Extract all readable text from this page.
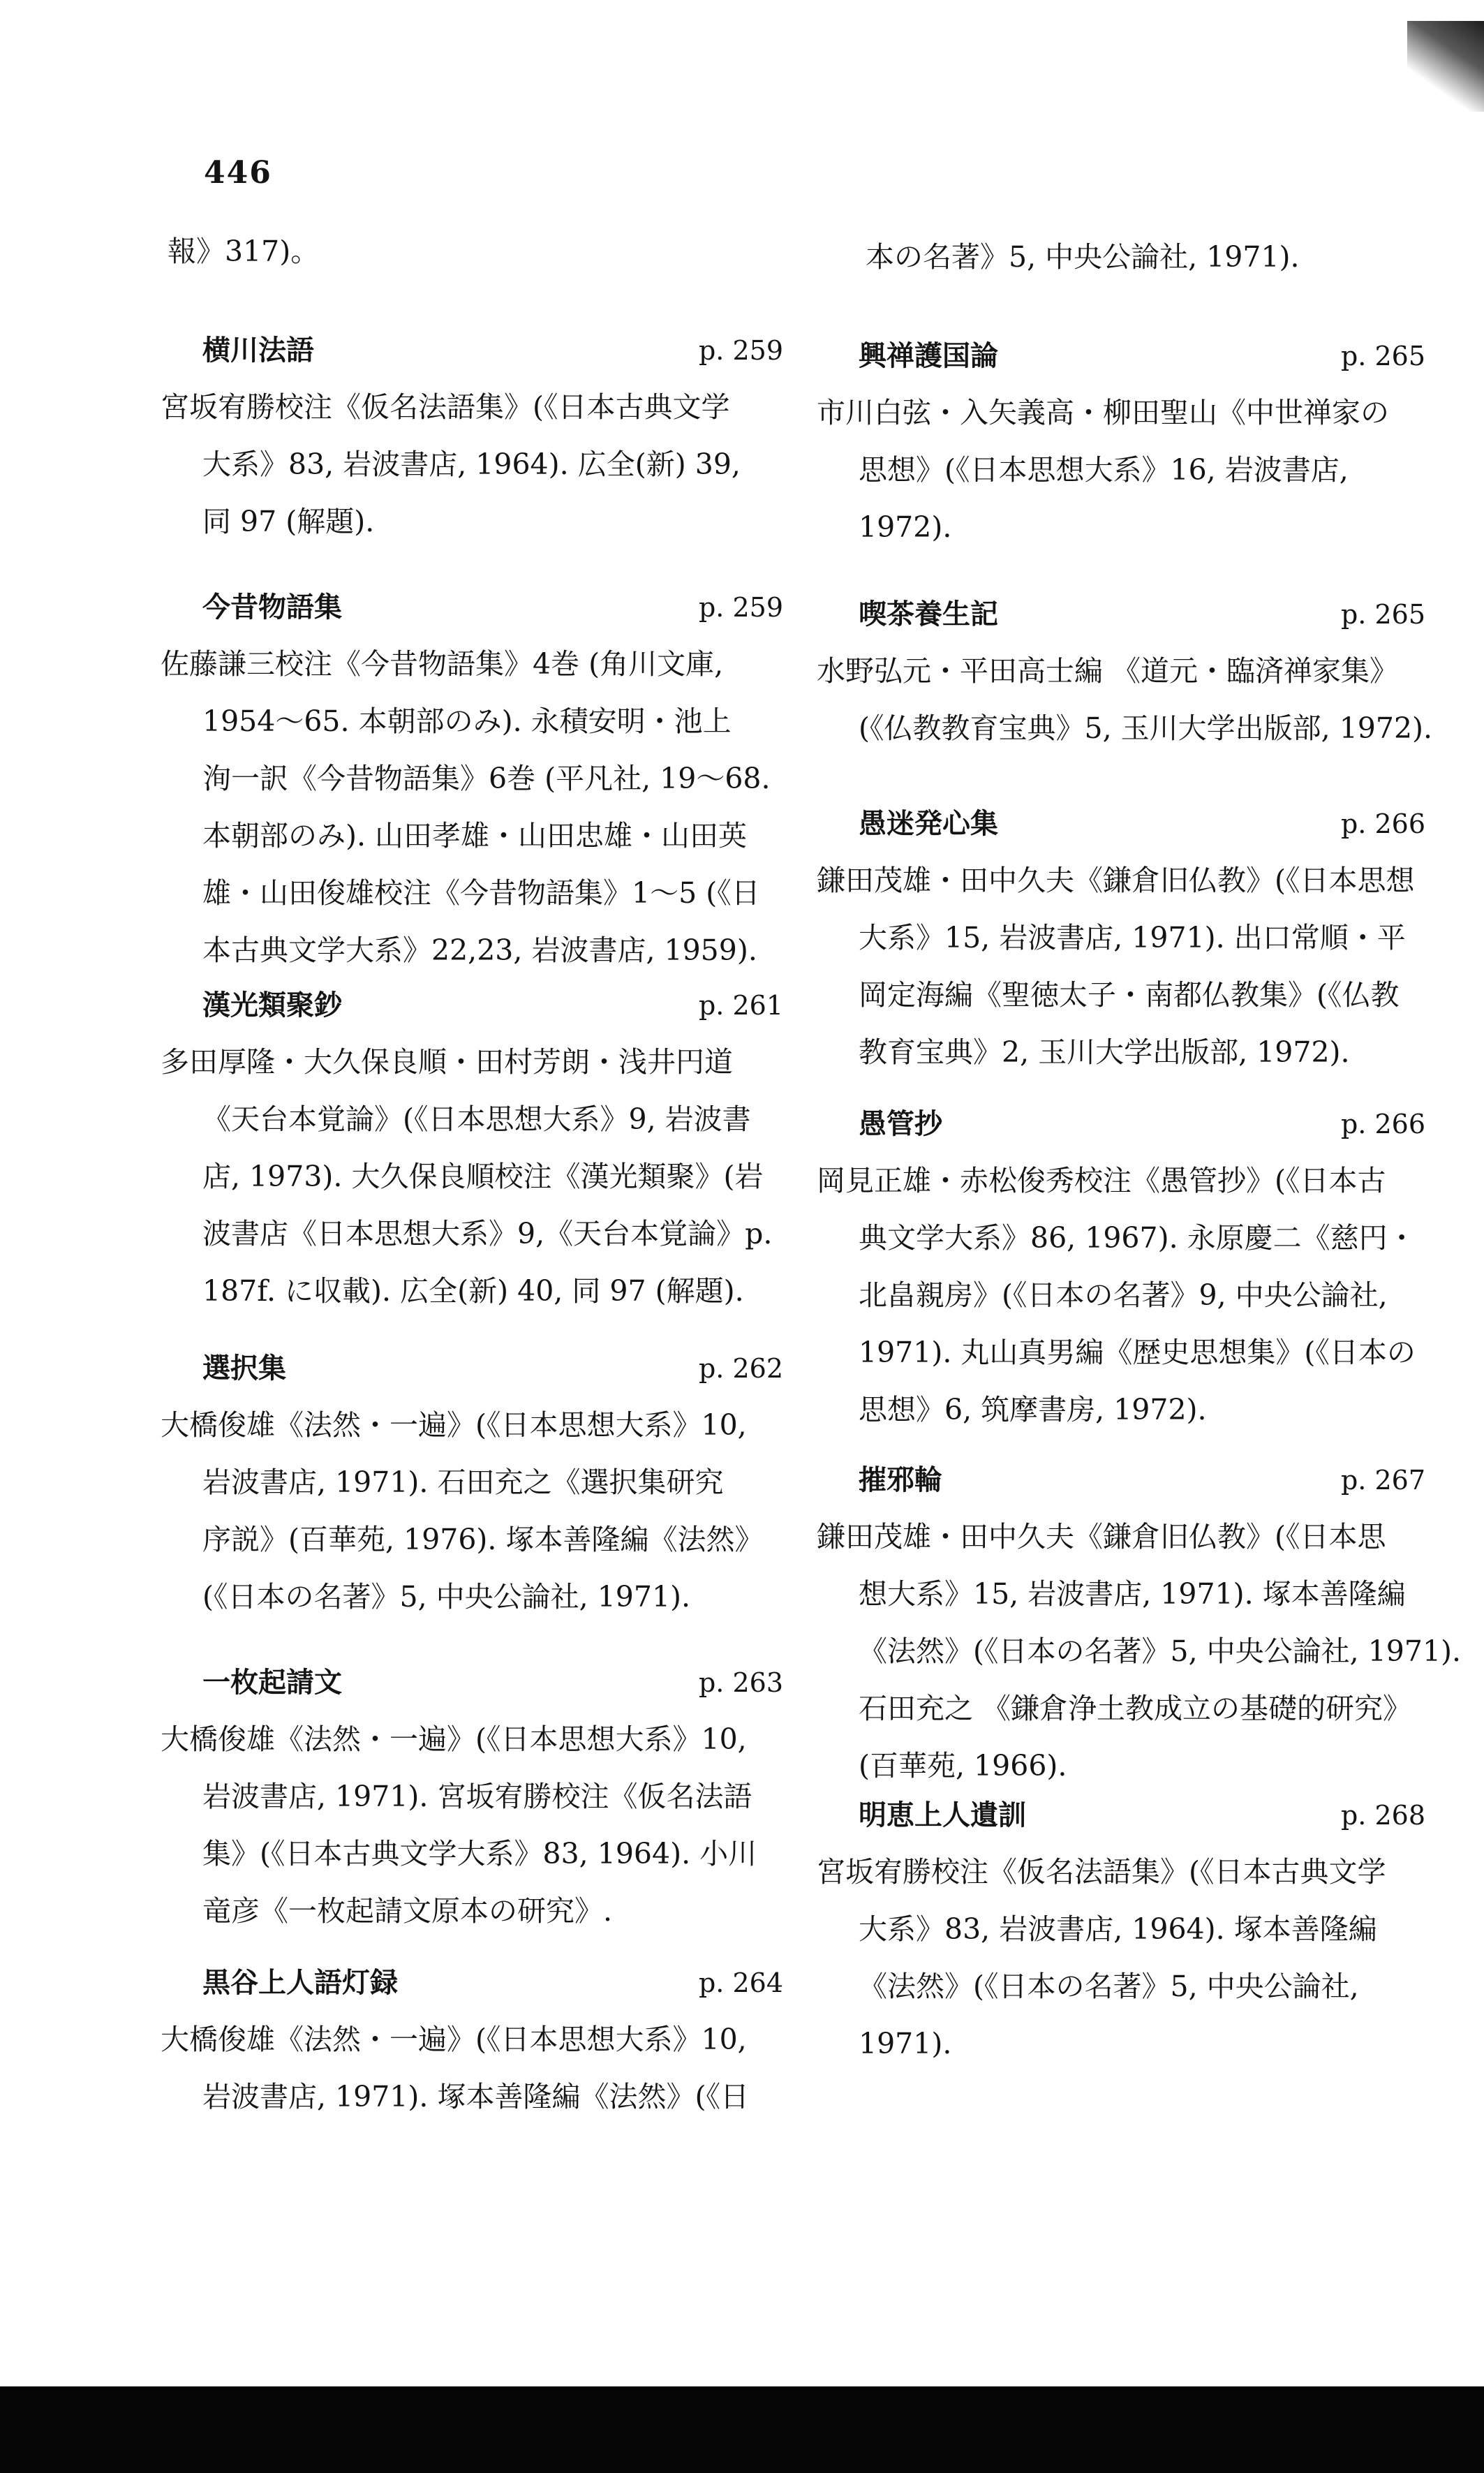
446
報》317)。
横川法語	p. 259
宮坂宥勝校注《仮名法語集》(《日本古典文学
大系》83, 岩波書店, 1964). 広全(新) 39,
同 97 (解題).
今昔物語集	p. 259
佐藤謙三校注《今昔物語集》4巻 (角川文庫,
1954〜65. 本朝部のみ). 永積安明・池上
洵一訳《今昔物語集》6巻 (平凡社, 19〜68.
本朝部のみ). 山田孝雄・山田忠雄・山田英
雄・山田俊雄校注《今昔物語集》1〜5 (《日
本古典文学大系》22,23, 岩波書店, 1959).
漢光類聚鈔	p. 261
多田厚隆・大久保良順・田村芳朗・浅井円道
《天台本覚論》(《日本思想大系》9, 岩波書
店, 1973). 大久保良順校注《漢光類聚》(岩
波書店《日本思想大系》9,《天台本覚論》p.
187f. に収載). 広全(新) 40, 同 97 (解題).
選択集	p. 262
大橋俊雄《法然・一遍》(《日本思想大系》10,
岩波書店, 1971). 石田充之《選択集研究
序説》(百華苑, 1976). 塚本善隆編《法然》
(《日本の名著》5, 中央公論社, 1971).
一枚起請文	p. 263
大橋俊雄《法然・一遍》(《日本思想大系》10,
岩波書店, 1971). 宮坂宥勝校注《仮名法語
集》(《日本古典文学大系》83, 1964). 小川
竜彦《一枚起請文原本の研究》.
黒谷上人語灯録	p. 264
大橋俊雄《法然・一遍》(《日本思想大系》10,
岩波書店, 1971). 塚本善隆編《法然》(《日
本の名著》5, 中央公論社, 1971).
興禅護国論	p. 265
市川白弦・入矢義高・柳田聖山《中世禅家の
思想》(《日本思想大系》16, 岩波書店,
1972).
喫茶養生記	p. 265
水野弘元・平田高士編 《道元・臨済禅家集》
(《仏教教育宝典》5, 玉川大学出版部, 1972).
愚迷発心集	p. 266
鎌田茂雄・田中久夫《鎌倉旧仏教》(《日本思想
大系》15, 岩波書店, 1971). 出口常順・平
岡定海編《聖徳太子・南都仏教集》(《仏教
教育宝典》2, 玉川大学出版部, 1972).
愚管抄	p. 266
岡見正雄・赤松俊秀校注《愚管抄》(《日本古
典文学大系》86, 1967). 永原慶二《慈円・
北畠親房》(《日本の名著》9, 中央公論社,
1971). 丸山真男編《歴史思想集》(《日本の
思想》6, 筑摩書房, 1972).
摧邪輪	p. 267
鎌田茂雄・田中久夫《鎌倉旧仏教》(《日本思
想大系》15, 岩波書店, 1971). 塚本善隆編
《法然》(《日本の名著》5, 中央公論社, 1971).
石田充之 《鎌倉浄土教成立の基礎的研究》
(百華苑, 1966).
明恵上人遺訓	p. 268
宮坂宥勝校注《仮名法語集》(《日本古典文学
大系》83, 岩波書店, 1964). 塚本善隆編
《法然》(《日本の名著》5, 中央公論社,
1971).
